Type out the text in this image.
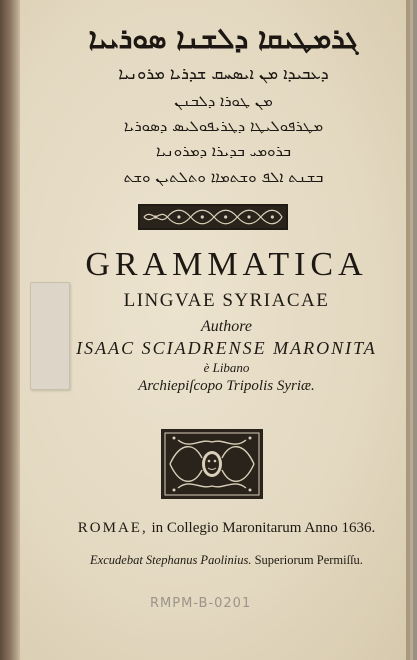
ܓܪܡܛܝܩܐ ܕܠܫܢܐ ܣܘܪܝܝܐ
ܕܥܒܝܕܐ ܡܢ ܐܝܣܚܩ ܫܕܪܝܐ ܡܪܘܢܝܐ
ܡܢ ܛܘܪܐ ܕܠܒܢܢ
ܡܛܪܦܘܠܝܛܐ ܕܛܪܝܦܘܠܝܣ ܕܣܘܪܝܐ
ܒܪܘܡܝ ܒܕܝܪܐ ܕܡܪܘܢܝܐ
ܒܫܢܬ ܐܠܦ ܘܫܬܡܐܐ ܘܬܠܬܝܢ ܘܫܬ
GRAMMATICA
LINGVAE SYRIACAE
Authore
ISAAC SCIADRENSE MARONITA
è Libano
Archiepiſcopo Tripolis Syriæ.
ROMAE, in Collegio Maronitarum Anno 1636.
Excudebat Stephanus Paolinius. Superiorum Permiſſu.
RMPM-B-0201
